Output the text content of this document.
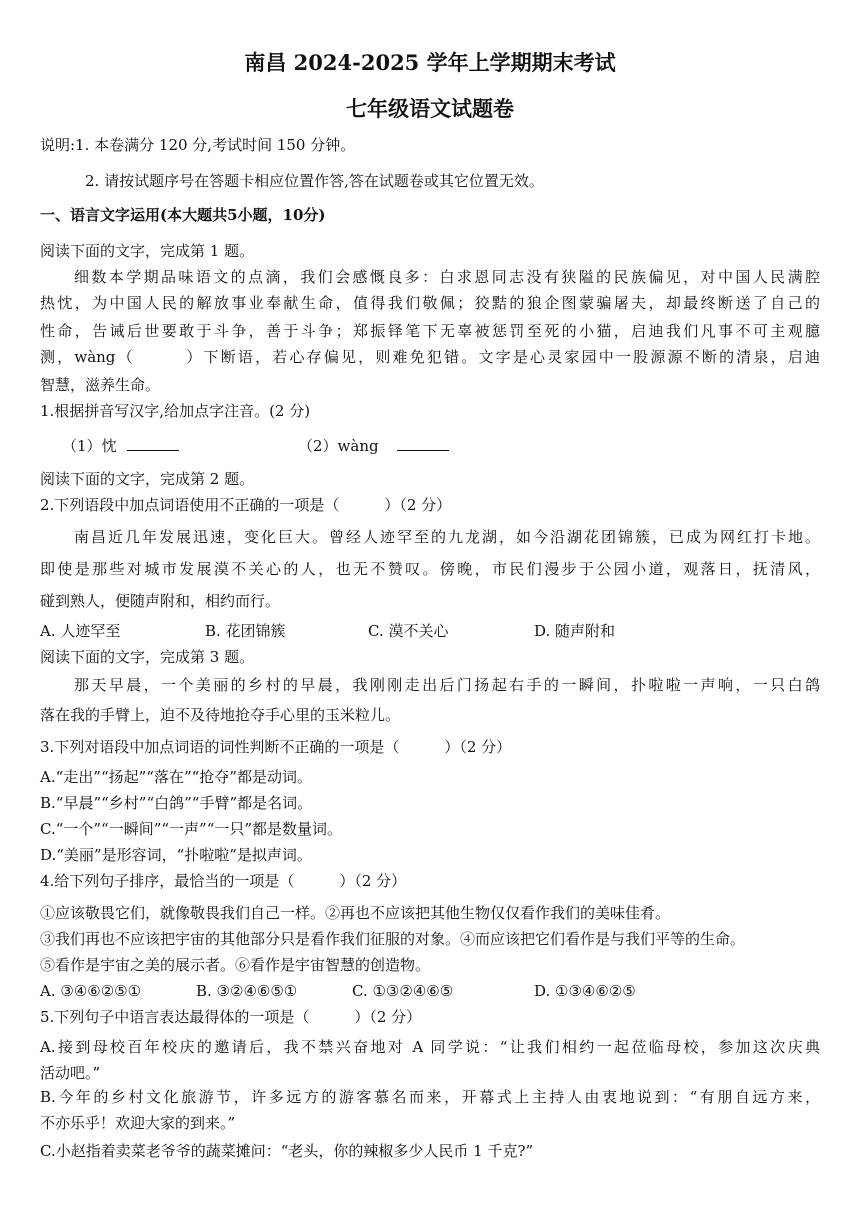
南昌 2024-2025 学年上学期期末考试
七年级语文试题卷
说明:1. 本卷满分 120 分,考试时间 150 分钟。
2. 请按试题序号在答题卡相应位置作答,答在试题卷或其它位置无效。
一、语言文字运用(本大题共5小题，10分)
阅读下面的文字，完成第 1 题。
细数本学期品味语文的点滴，我们会感慨良多：白求恩同志没有狭隘的民族偏见，对中国人民满腔
热忱，为中国人民的解放事业奉献生命，值得我们敬佩；狡黠的狼企图蒙骗屠夫，却最终断送了自己的
性命，告诫后世要敢于斗争，善于斗争；郑振铎笔下无辜被惩罚至死的小猫，启迪我们凡事不可主观臆
测，wàng（　　　）下断语，若心存偏见，则难免犯错。文字是心灵家园中一股源源不断的清泉，启迪
智慧，滋养生命。
1.根据拼音写汉字,给加点字注音。(2 分)
（1）忱	（2）wàng
阅读下面的文字，完成第 2 题。
2.下列语段中加点词语使用不正确的一项是（　　　）（2 分）
南昌近几年发展迅速，变化巨大。曾经人迹罕至的九龙湖，如今沿湖花团锦簇，已成为网红打卡地。
即使是那些对城市发展漠不关心的人，也无不赞叹。傍晚，市民们漫步于公园小道，观落日，抚清风，
碰到熟人，便随声附和，相约而行。
A. 人迹罕至	B. 花团锦簇	C. 漠不关心	D. 随声附和
阅读下面的文字，完成第 3 题。
那天早晨，一个美丽的乡村的早晨，我刚刚走出后门扬起右手的一瞬间，扑啦啦一声响，一只白鸽
落在我的手臂上，迫不及待地抢夺手心里的玉米粒儿。
3.下列对语段中加点词语的词性判断不正确的一项是（　　　）（2 分）
A.“走出”“扬起”“落在”“抢夺”都是动词。
B.“早晨”“乡村”“白鸽”“手臂”都是名词。
C.“一个”“一瞬间”“一声”“一只”都是数量词。
D.“美丽”是形容词，“扑啦啦”是拟声词。
4.给下列句子排序，最恰当的一项是（　　　）（2 分）
①应该敬畏它们，就像敬畏我们自己一样。②再也不应该把其他生物仅仅看作我们的美味佳肴。
③我们再也不应该把宇宙的其他部分只是看作我们征服的对象。④而应该把它们看作是与我们平等的生命。
⑤看作是宇宙之美的展示者。⑥看作是宇宙智慧的创造物。
A. ③④⑥②⑤①	B. ③②④⑥⑤①	C. ①③②④⑥⑤	D. ①③④⑥②⑤
5.下列句子中语言表达最得体的一项是（　　　）（2 分）
A.接到母校百年校庆的邀请后，我不禁兴奋地对 A 同学说：“让我们相约一起莅临母校，参加这次庆典
活动吧。”
B.今年的乡村文化旅游节，许多远方的游客慕名而来，开幕式上主持人由衷地说到：“有朋自远方来，
不亦乐乎！欢迎大家的到来。”
C.小赵指着卖菜老爷爷的蔬菜摊问：“老头，你的辣椒多少人民币 1 千克?”
